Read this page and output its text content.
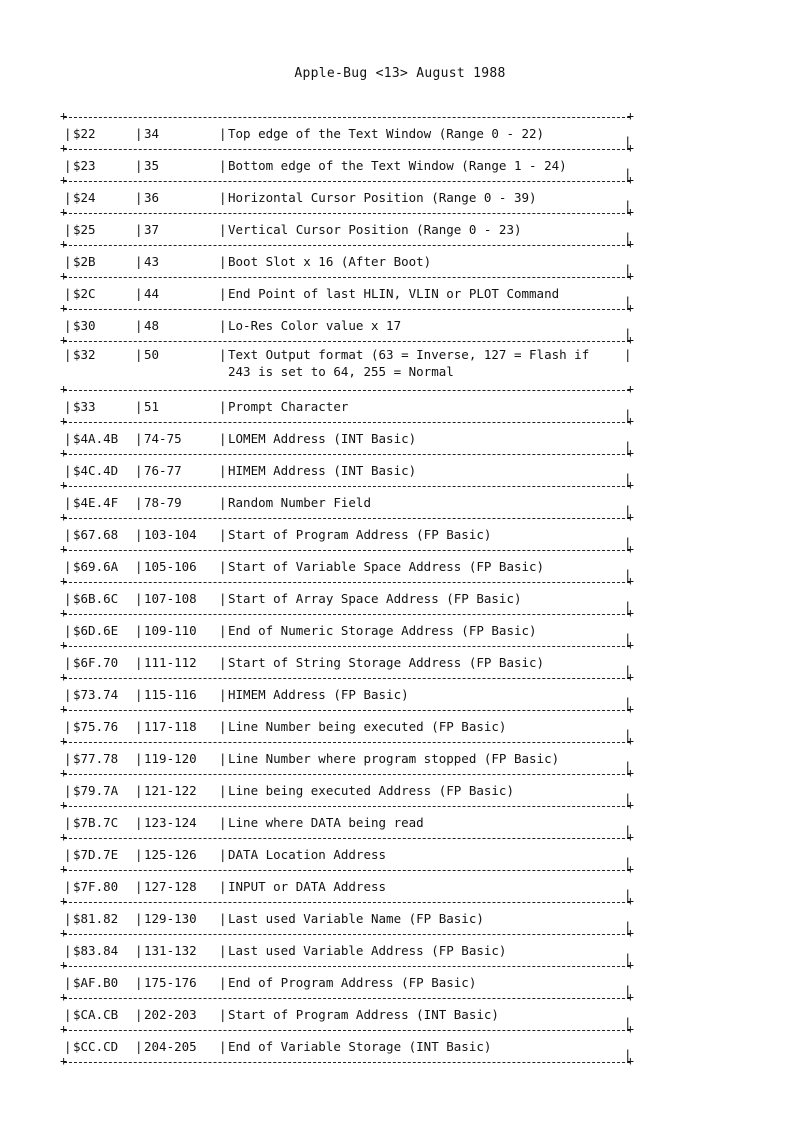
Apple-Bug <13> August 1988
+ +
| $22	| 34	| Top edge of the Text Window (Range 0 - 22)
+ +
| $23	| 35	| Bottom edge of the Text Window (Range 1 - 24)
+ +
| $24	| 36	| Horizontal Cursor Position (Range 0 - 39)
+ +
| $25	| 37	| Vertical Cursor Position (Range 0 - 23)
+ +
| $2B	| 43	| Boot Slot x 16 (After Boot)
+ +
| $2C	| 44	| End Point of last HLIN, VLIN or PLOT Command
+ +
| $30	| 48	| Lo-Res Color value x 17
+ +
| $32	| 50	| Text Output format (63 = Inverse, 127 = Flash if
243 is set to 64, 255 = Normal
+ +
| $33	| 51	| Prompt Character
+ +
| $4A.4B	| 74-75	| LOMEM Address (INT Basic)
+ +
| $4C.4D	| 76-77	| HIMEM Address (INT Basic)
+ +
| $4E.4F	| 78-79	| Random Number Field
+ +
| $67.68	| 103-104	| Start of Program Address (FP Basic)
+ +
| $69.6A	| 105-106	| Start of Variable Space Address (FP Basic)
+ +
| $6B.6C	| 107-108	| Start of Array Space Address (FP Basic)
+ +
| $6D.6E	| 109-110	| End of Numeric Storage Address (FP Basic)
+ +
| $6F.70	| 111-112	| Start of String Storage Address (FP Basic)
+ +
| $73.74	| 115-116	| HIMEM Address (FP Basic)
+ +
| $75.76	| 117-118	| Line Number being executed (FP Basic)
+ +
| $77.78	| 119-120	| Line Number where program stopped (FP Basic)
+ +
| $79.7A	| 121-122	| Line being executed Address (FP Basic)
+ +
| $7B.7C	| 123-124	| Line where DATA being read
+ +
| $7D.7E	| 125-126	| DATA Location Address
+ +
| $7F.80	| 127-128	| INPUT or DATA Address
+ +
| $81.82	| 129-130	| Last used Variable Name (FP Basic)
+ +
| $83.84	| 131-132	| Last used Variable Address (FP Basic)
+ +
| $AF.B0	| 175-176	| End of Program Address (FP Basic)
+ +
| $CA.CB	| 202-203	| Start of Program Address (INT Basic)
+ +
| $CC.CD	| 204-205	| End of Variable Storage (INT Basic)
+ +
